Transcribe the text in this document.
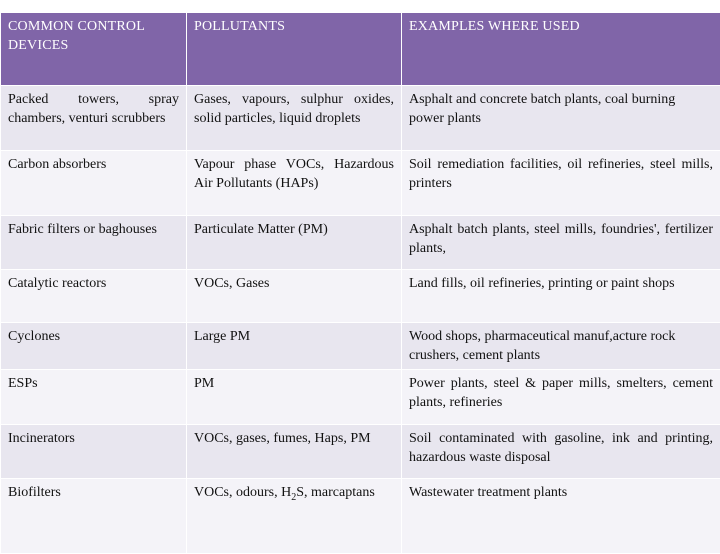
COMMON CONTROL DEVICES	POLLUTANTS	EXAMPLES WHERE USED
Packed towers, spray chambers, venturi scrubbers	Gases, vapours, sulphur oxides, solid particles, liquid droplets	Asphalt and concrete batch plants, coal burning power plants
Carbon absorbers	Vapour phase VOCs, Hazardous Air Pollutants (HAPs)	Soil remediation facilities, oil refineries, steel mills, printers
Fabric filters or baghouses	Particulate Matter (PM)	Asphalt batch plants, steel mills, foundries', fertilizer plants,
Catalytic reactors	VOCs, Gases	Land fills, oil refineries, printing or paint shops
Cyclones	Large PM	Wood shops, pharmaceutical manuf,acture rock crushers, cement plants
ESPs	PM	Power plants, steel & paper mills, smelters, cement plants, refineries
Incinerators	VOCs, gases, fumes, Haps, PM	Soil contaminated with gasoline, ink and printing, hazardous waste disposal
Biofilters	VOCs, odours, $H_2S$, marcaptans	Wastewater treatment plants
